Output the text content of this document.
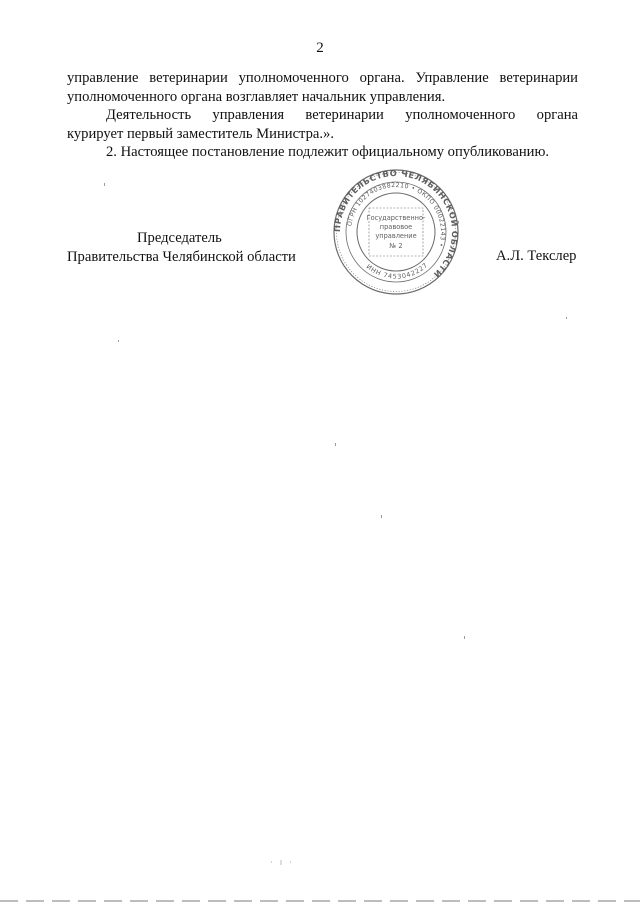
2

управление ветеринарии уполномоченного органа. Управление ветеринарии
уполномоченного органа возглавляет начальник управления.

Деятельность управления ветеринарии уполномоченного органа
курирует первый заместитель Министра.».

2. Настоящее постановление подлежит официальному опубликованию.

Председатель
Правительства Челябинской области	А.Л. Текслер
ПРАВИТЕЛЬСТВО ЧЕЛЯБИНСКОЙ ОБЛАСТИ
ОГРН 1027403882210 • ОКПО 00022143 •
ИНН 7453042227
Государственно-
правовое
управление
№ 2
· ı ·
